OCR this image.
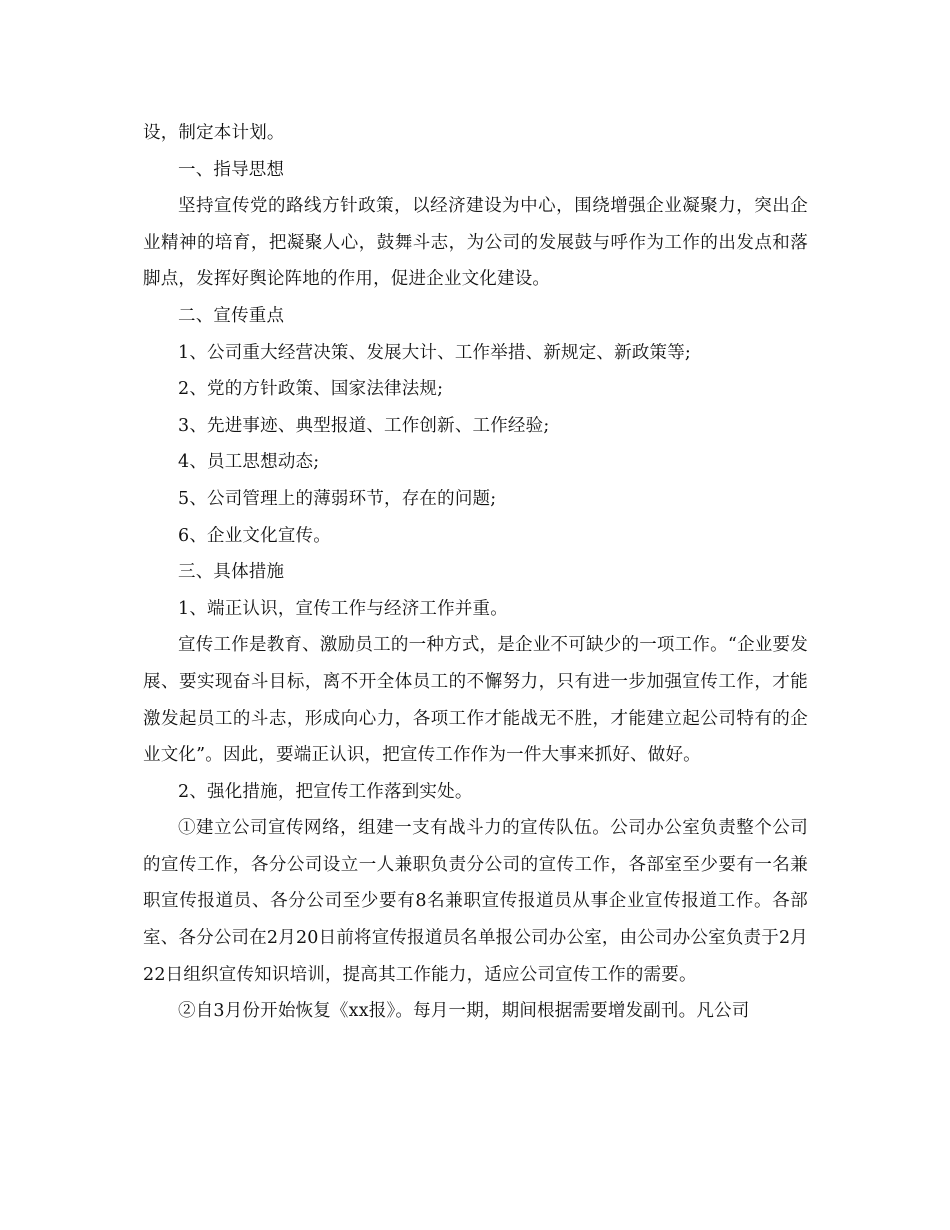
设，制定本计划。

一、指导思想

坚持宣传党的路线方针政策，以经济建设为中心，围绕增强企业凝聚力，突出企业精神的培育，把凝聚人心，鼓舞斗志，为公司的发展鼓与呼作为工作的出发点和落脚点，发挥好舆论阵地的作用，促进企业文化建设。

二、宣传重点

1、公司重大经营决策、发展大计、工作举措、新规定、新政策等;

2、党的方针政策、国家法律法规;

3、先进事迹、典型报道、工作创新、工作经验;

4、员工思想动态;

5、公司管理上的薄弱环节，存在的问题;

6、企业文化宣传。

三、具体措施

1、端正认识，宣传工作与经济工作并重。

宣传工作是教育、激励员工的一种方式，是企业不可缺少的一项工作。“企业要发展、要实现奋斗目标，离不开全体员工的不懈努力，只有进一步加强宣传工作，才能激发起员工的斗志，形成向心力，各项工作才能战无不胜，才能建立起公司特有的企业文化”。因此，要端正认识，把宣传工作作为一件大事来抓好、做好。

2、强化措施，把宣传工作落到实处。

①建立公司宣传网络，组建一支有战斗力的宣传队伍。公司办公室负责整个公司的宣传工作，各分公司设立一人兼职负责分公司的宣传工作，各部室至少要有一名兼职宣传报道员、各分公司至少要有8名兼职宣传报道员从事企业宣传报道工作。各部室、各分公司在2月20日前将宣传报道员名单报公司办公室，由公司办公室负责于2月22日组织宣传知识培训，提高其工作能力，适应公司宣传工作的需要。

②自3月份开始恢复《xx报》。每月一期，期间根据需要增发副刊。凡公司
